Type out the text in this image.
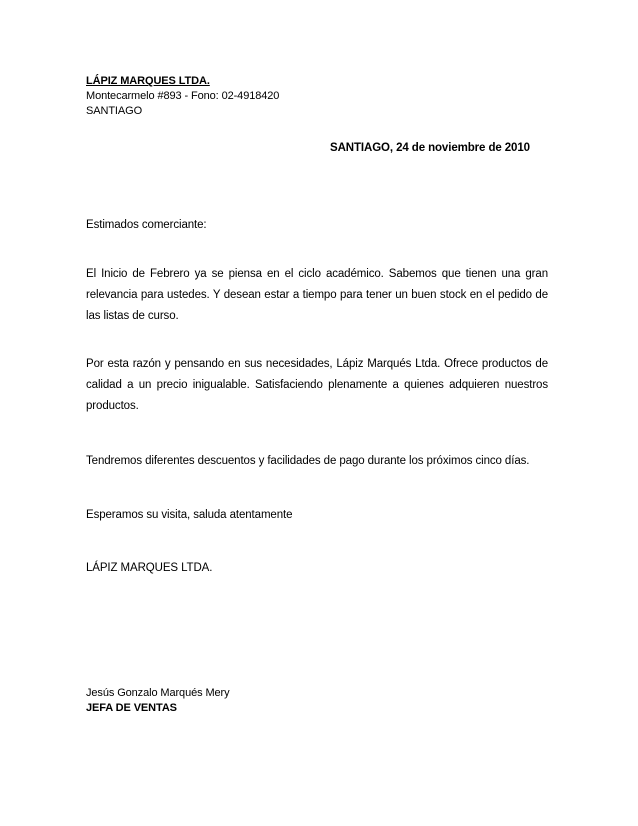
LÁPIZ MARQUES LTDA.
Montecarmelo #893 - Fono: 02-4918420
SANTIAGO
SANTIAGO, 24 de noviembre de 2010
Estimados comerciante:
El Inicio de Febrero ya se piensa en el ciclo académico. Sabemos que tienen una gran relevancia para ustedes. Y desean estar a tiempo para tener un buen stock en el pedido de las listas de curso.
Por esta razón y pensando en sus necesidades, Lápiz Marqués Ltda. Ofrece productos de calidad a un precio inigualable. Satisfaciendo plenamente a quienes adquieren nuestros productos.
Tendremos diferentes descuentos y facilidades de pago durante los próximos cinco días.
Esperamos su visita, saluda atentamente
LÁPIZ MARQUES LTDA.
Jesús Gonzalo Marqués Mery
JEFA DE VENTAS
